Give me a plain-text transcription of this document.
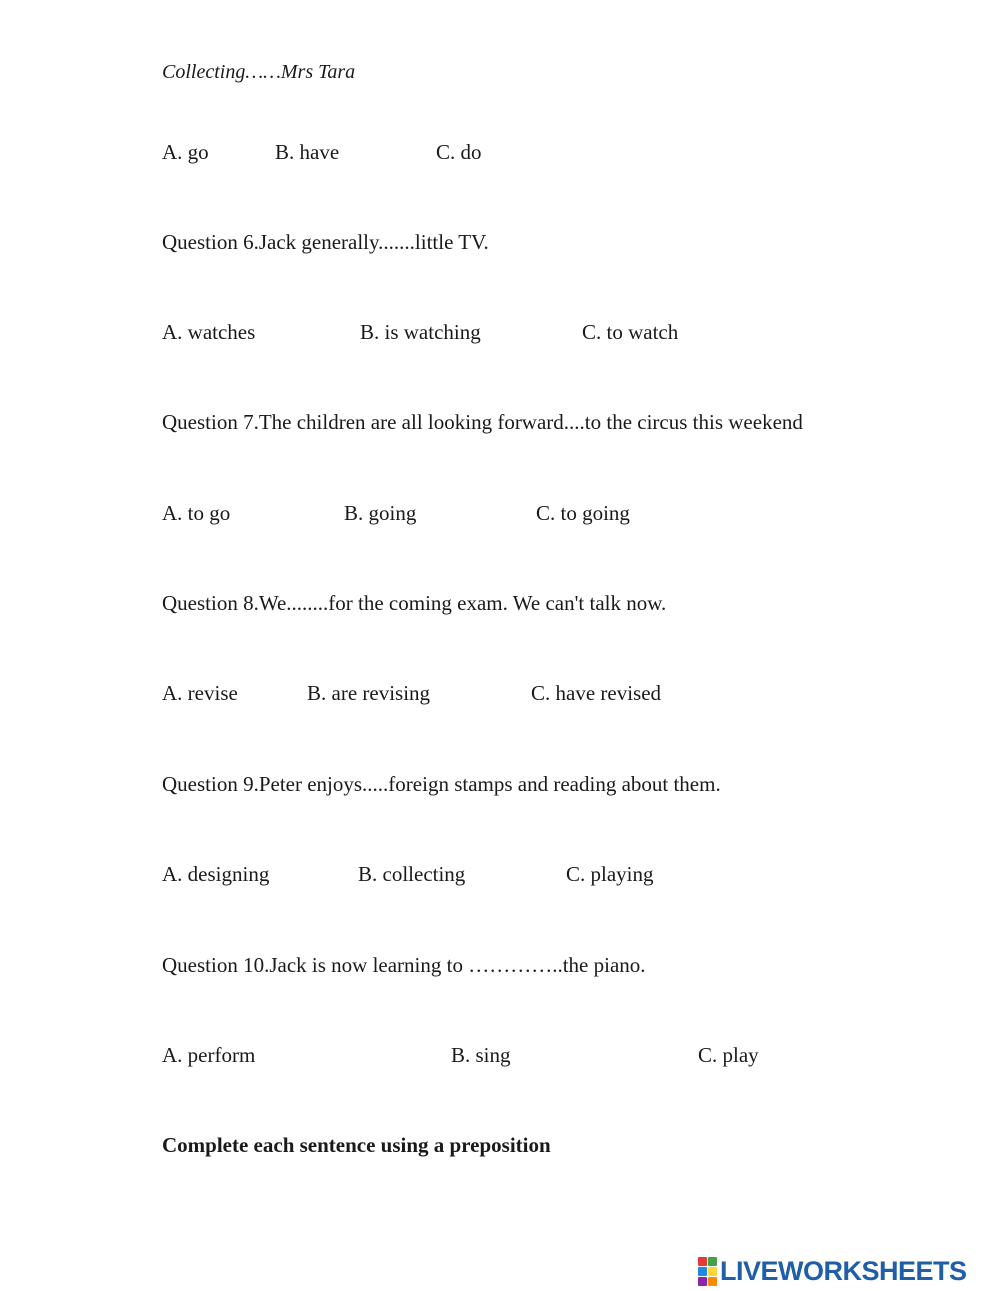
Collecting……Mrs Tara
A. go	B. have	C. do
Question 6.Jack generally.......little TV.
A. watches	B. is watching	C. to watch
Question 7.The children are all looking forward....to the circus this weekend
A. to go	B. going	C. to going
Question 8.We........for the coming exam. We can't talk now.
A. revise	B. are revising	C. have revised
Question 9.Peter enjoys.....foreign stamps and reading about them.
A. designing	B. collecting	C. playing
Question 10.Jack is now learning to …………..the piano.
A. perform	B. sing	C. play
Complete each sentence using a preposition
LIVEWORKSHEETS
